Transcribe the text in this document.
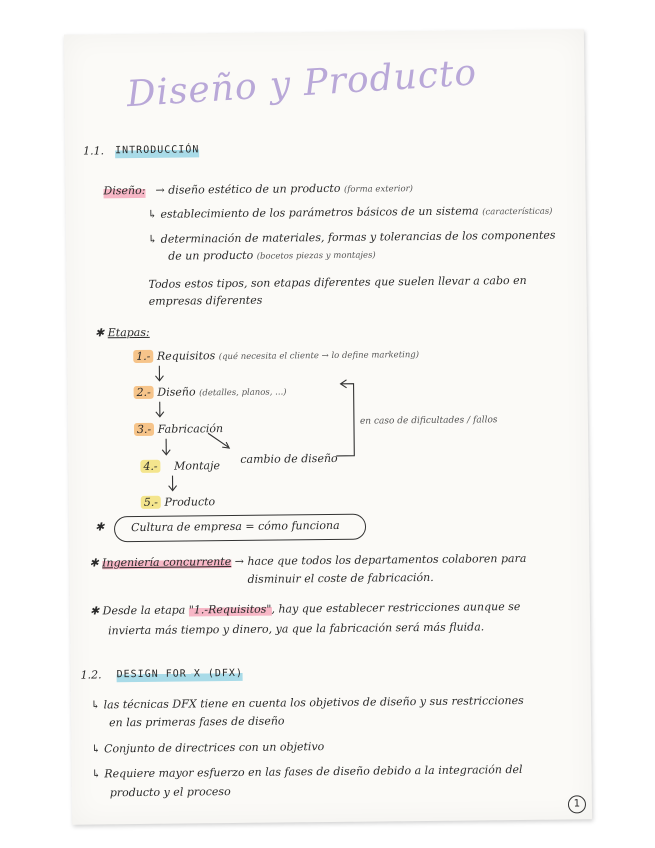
Diseño y Producto
1.1. INTRODUCCIÓN
Diseño: → diseño estético de un producto (forma exterior)
↳ establecimiento de los parámetros básicos de un sistema (características)
↳ determinación de materiales, formas y tolerancias de los componentes
de un producto (bocetos piezas y montajes)
Todos estos tipos, son etapas diferentes que suelen llevar a cabo en
empresas diferentes
✱ Etapas:
1.- Requisitos (qué necesita el cliente → lo define marketing)
2.- Diseño (detalles, planos, ...)
3.- Fabricación
4.- Montaje
5.- Producto
en caso de dificultades / fallos
cambio de diseño
✱ Cultura de empresa = cómo funciona
✱ Ingeniería concurrente → hace que todos los departamentos colaboren para
disminuir el coste de fabricación.
✱ Desde la etapa "1.-Requisitos", hay que establecer restricciones aunque se
invierta más tiempo y dinero, ya que la fabricación será más fluida.
1.2. DESIGN FOR X (DFX)
↳ las técnicas DFX tiene en cuenta los objetivos de diseño y sus restricciones
en las primeras fases de diseño
↳ Conjunto de directrices con un objetivo
↳ Requiere mayor esfuerzo en las fases de diseño debido a la integración del
producto y el proceso
1
